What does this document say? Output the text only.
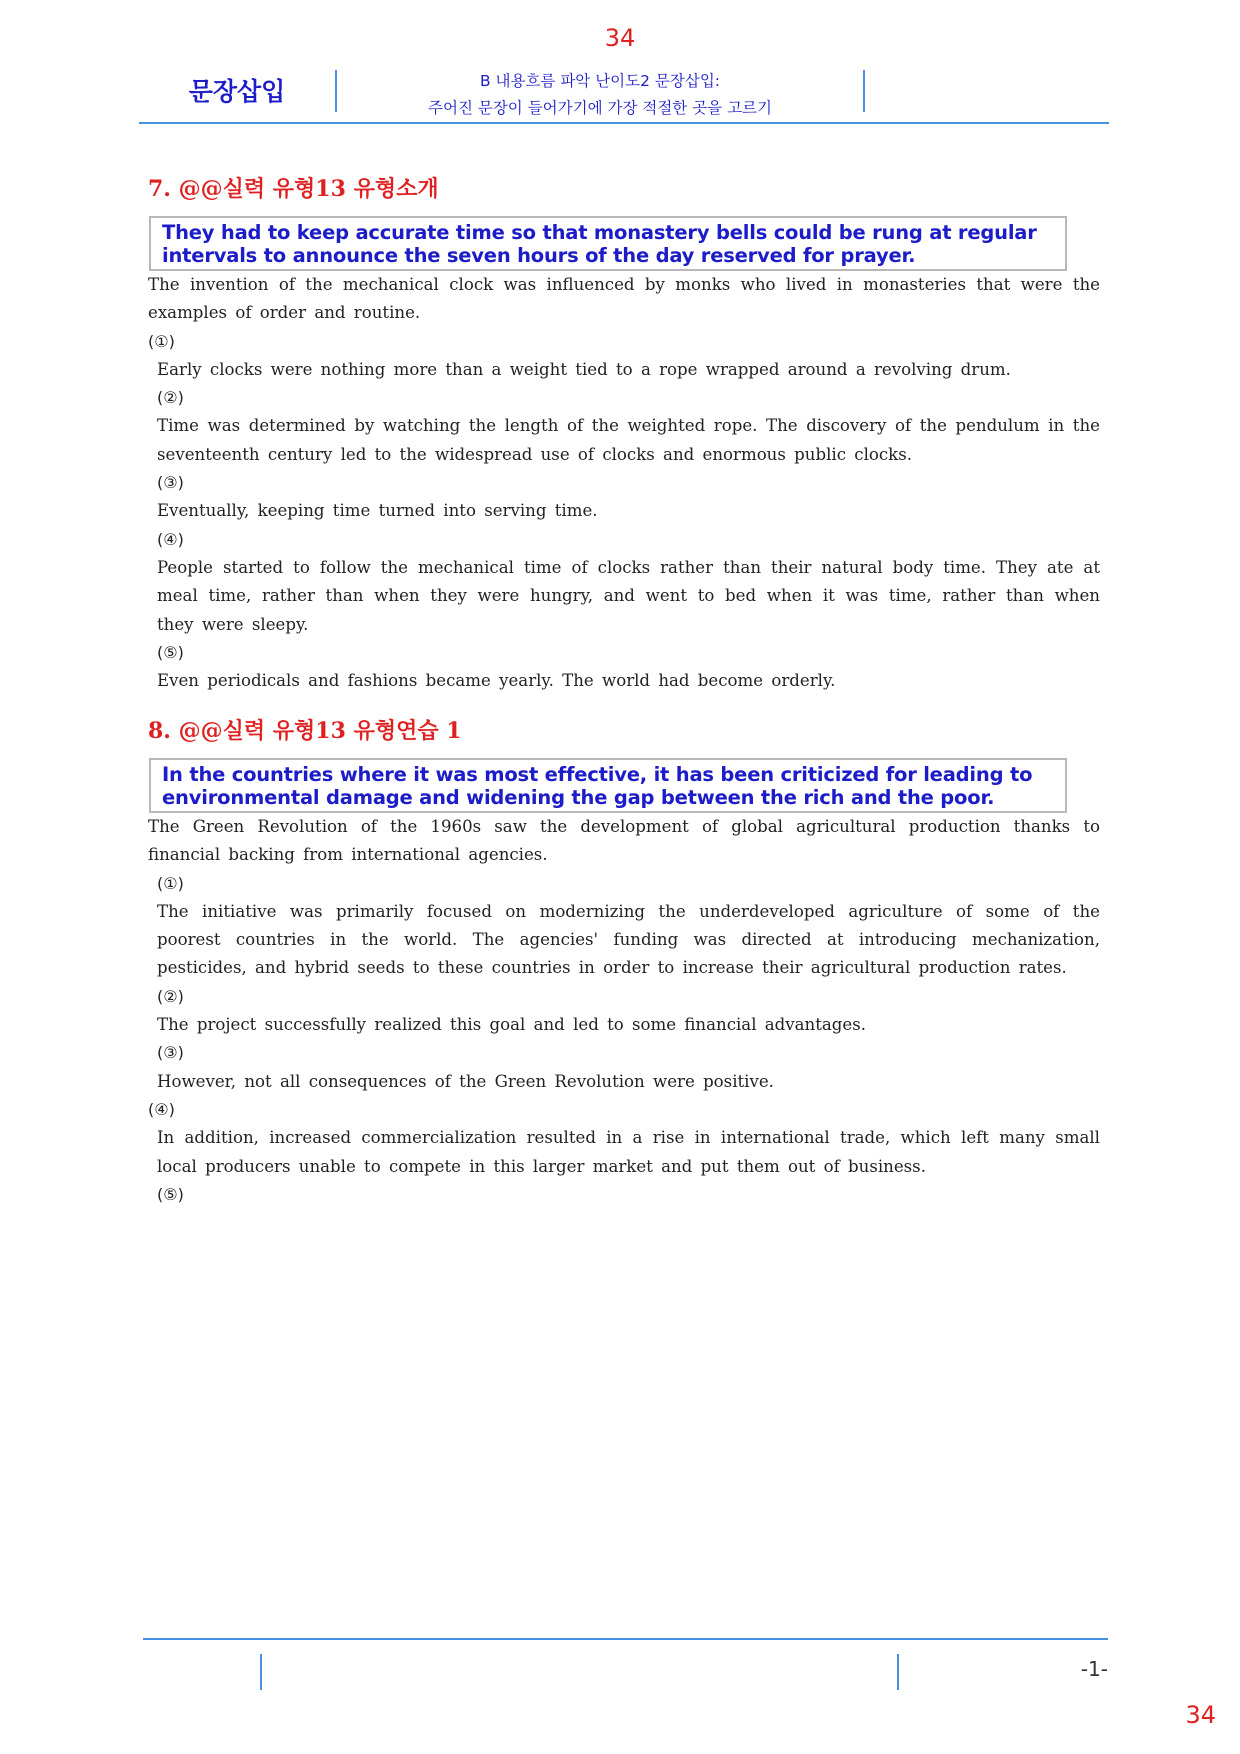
34
문장삽입	B 내용흐름 파악 난이도2 문장삽입:
주어진 문장이 들어가기에 가장 적절한 곳을 고르기
7. @@실력 유형13 유형소개
They had to keep accurate time so that monastery bells could be rung at regular intervals to announce the seven hours of the day reserved for prayer.

The invention of the mechanical clock was influenced by monks who lived in monasteries that were the examples of order and routine.

(①)

Early clocks were nothing more than a weight tied to a rope wrapped around a revolving drum.

(②)

Time was determined by watching the length of the weighted rope. The discovery of the pendulum in the seventeenth century led to the widespread use of clocks and enormous public clocks.

(③)

Eventually, keeping time turned into serving time.

(④)

People started to follow the mechanical time of clocks rather than their natural body time. They ate at meal time, rather than when they were hungry, and went to bed when it was time, rather than when they were sleepy.

(⑤)

Even periodicals and fashions became yearly. The world had become orderly.

8. @@실력 유형13 유형연습 1
In the countries where it was most effective, it has been criticized for leading to environmental damage and widening the gap between the rich and the poor.

The Green Revolution of the 1960s saw the development of global agricultural production thanks to financial backing from international agencies.

(①)

The initiative was primarily focused on modernizing the underdeveloped agriculture of some of the poorest countries in the world. The agencies' funding was directed at introducing mechanization, pesticides, and hybrid seeds to these countries in order to increase their agricultural production rates.

(②)

The project successfully realized this goal and led to some financial advantages.

(③)

However, not all consequences of the Green Revolution were positive.

(④)

In addition, increased commercialization resulted in a rise in international trade, which left many small local producers unable to compete in this larger market and put them out of business.

(⑤)

-1-
34
